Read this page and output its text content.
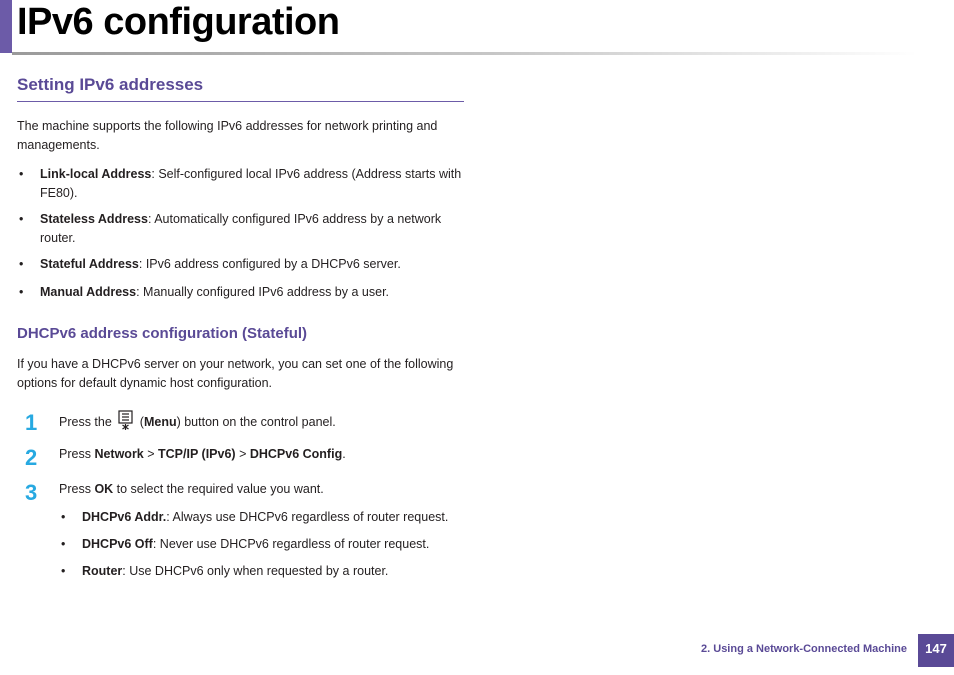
IPv6 configuration
Setting IPv6 addresses

The machine supports the following IPv6 addresses for network printing and managements.

• Link-local Address: Self-configured local IPv6 address (Address starts with FE80).
• Stateless Address: Automatically configured IPv6 address by a network router.
• Stateful Address: IPv6 address configured by a DHCPv6 server.
• Manual Address: Manually configured IPv6 address by a user.
DHCPv6 address configuration (Stateful)

If you have a DHCPv6 server on your network, you can set one of the following options for default dynamic host configuration.

1 Press the (Menu) button on the control panel.
2 Press Network > TCP/IP (IPv6) > DHCPv6 Config.
3 Press OK to select the required value you want.
• DHCPv6 Addr.: Always use DHCPv6 regardless of router request.
• DHCPv6 Off: Never use DHCPv6 regardless of router request.
• Router: Use DHCPv6 only when requested by a router.
2. Using a Network-Connected Machine	147
